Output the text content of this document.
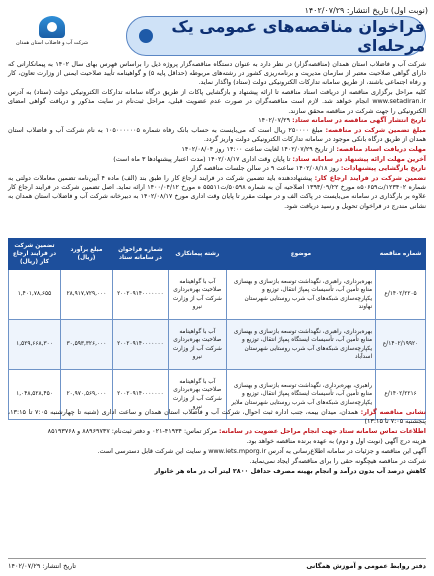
(نوبت اول) تاریخ انتشار: ۱۴۰۲/۰۷/۲۹
شرکت آب و فاضلاب استان همدان
فراخوان مناقصه‌های عمومی یک مرحله‌ای

شرکت آب و فاضلاب استان همدان (مناقصه‌گزار) در نظر دارد به عنوان دستگاه مناقصه‌گزار پروژه ذیل را براساس فهرس بهای سال ۱۴۰۲ به پیمانکارانی که دارای گواهی صلاحیت معتبر از سازمان مدیریت و برنامه‌ریزی کشور در رشته‌های مربوطه (حداقل پایه ۵) و گواهینامه تأیید صلاحیت ایمنی از وزارت تعاون، کار و رفاه اجتماعی باشند، از طریق سامانه تدارکات الکترونیکی دولت (ستاد) واگذار نماید.

کلیه مراحل برگزاری مناقصه از دریافت اسناد مناقصه تا ارائه پیشنهاد و بازگشایی پاکات از طریق درگاه سامانه تدارکات الکترونیکی دولت (ستاد) به آدرس www.setadiran.ir انجام خواهد شد. لازم است مناقصه‌گران در صورت عدم عضویت قبلی، مراحل ثبت‌نام در سایت مذکور و دریافت گواهی امضای الکترونیکی را جهت شرکت در مناقصه محقق سازند.

تاریخ انتشار آگهی مناقصه در سامانه ستاد: ۱۴۰۲/۰۷/۲۹

مبلغ تضمین شرکت در مناقصه: مبلغ ۲۵۰۰۰۰ ریال است که می‌بایست به حساب بانک رفاه شماره ۱۰۵۰۰۰۰۰۰۵ به نام شرکت آب و فاضلاب استان همدان از طریق درگاه بانکی موجود در سامانه تدارکات الکترونیکی دولت واریز گردد.

مهلت دریافت اسناد مناقصه: از تاریخ ۱۴۰۲/۰۷/۲۹ لغایت ساعت ۱۴:۰۰ روز ۱۴۰۲/۰۸/۰۴

آخرین مهلت ارائه پیشنهاد در سامانه ستاد: تا پایان وقت اداری ۱۴۰۲/۰۸/۱۷ (مدت اعتبار پیشنهادها ۳ ماه است)

تاریخ بازگشایی پیشنهادات: روز ۱۴۰۲/۰۸/۱۸ ساعت ۹ در سالن جلسات مناقصه گزار

تضمین شرکت در فرایند ارجاع کار: پیشنهاددهنده باید تضمین شرکت در فرایند ارجاع کار را طبق بند (الف) ماده ۴ آیین‌نامه تضمین معاملات دولتی به شماره ۱۲۳۴۰۲/ت۵۰۶۵۹ه مورخ ۱۳۹۴/۰۹/۲۲ اصلاحیه آن به شماره ۵۰۵۹۸/ت۵۵۵۱۱ ه مورخ ۱۴۰۰/۰۴/۱۲ ارائه نماید. اصل تضمین شرکت در فرایند ارجاع کار علاوه بر بارگذاری در سامانه می‌بایست در پاکت الف و در مهلت مقرر تا پایان وقت اداری مورخ ۱۴۰۲/۰۸/۱۷ به دبیرخانه شرکت آب و فاضلاب استان همدان به نشانی مندرج در فراخوان تحویل و رسید دریافت شود.

شماره مناقصه	موضوع	رشته پیمانکاری	شماره فراخوان در سامانه ستاد	مبلغ برآورد (ریال)	تضمین شرکت در فرایند ارجاع کار (ریال)
۱۴۰۲/۲۲۰۵/ع	بهره‌برداری، راهبری، نگهداشت توسعه بازسازی و بهسازی منابع تأمین آب، تأسیسات پمپاژ انتقال، توزیع و یکپارچه‌سازی شبکه‌های آب شرب روستایی شهرستان نهاوند	آب با گواهینامه صلاحیت بهره‌برداری شرکت آب از وزارت نیرو	۲۰۰۲۰۹۱۴۰۰۰۰۰۰۰	۲۸,۹۱۷,۷۲۹,۰۰۰	۱,۴۰۱,۷۸,۶۵۵
۱۴۰۲/۱۹۹۲۰/ع	بهره‌برداری، راهبری، نگهداشت توسعه بازسازی و بهسازی منابع تأمین آب، تأسیسات ایستگاه پمپاژ انتقال، توزیع و یکپارچه‌سازی شبکه‌های آب شرب روستایی شهرستان اسدآباد	آب با گواهینامه صلاحیت بهره‌برداری شرکت آب از وزارت نیرو	۲۰۰۲۰۹۱۴۰۰۰۰۰۰۰	۳۰,۵۹۳,۳۲۶,۰۰۰	۱,۵۲۹,۶۶۸,۳۰۰
۱۴۰۲/۲۲۱۶/ع	راهبری، بهره‌برداری، نگهداشت توسعه بازسازی و بهسازی منابع تأمین آب، تأسیسات ایستگاه پمپاژ انتقال، توزیع و یکپارچه‌سازی شبکه‌های آب شرب روستایی شهرستان ملایر	آب با گواهینامه صلاحیت بهره‌برداری شرکت آب از وزارت نیرو	۲۰۰۲۰۹۱۴۰۰۰۰۰۰۰	۲۰,۹۷۰,۵۶۹,۰۰۰	۱,۰۴۸,۵۲۸,۴۵۰

نشانی مناقصه گزار: همدان، میدان بیمه، جنب اداره ثبت احوال، شرکت آب و فاضلاب استان همدان و ساعت اداری (شنبه تا چهارشنبه ۷:۰۵ تا ۱۳:۱۵، پنجشنبه ۷:۰۵ تا ۱۳:۱۵)

اطلاعات تماس سامانه ستاد جهت انجام مراحل عضویت در سامانه: مرکز تماس: ۴۱۹۳۴-۰۲۱ و دفتر ثبت‌نام: ۸۸۹۶۹۷۳۷ و ۸۵۱۹۳۷۶۸

هزینه درج آگهی (نوبت اول و دوم) به عهده برنده مناقصه خواهد بود.

آگهی این مناقصه و جزئیات در سامانه اطلاع‌رسانی به آدرس www.iets.mporg.ir و سایت این شرکت قابل دسترسی است.

شرکت در مناقصه هیچگونه حقی را برای مناقصه‌گر ایجاد نمی‌نماید.

کاهش درصد آب بدون درآمد و انجام بهینه مصرف حداقل ۲۸۰۰ لیتر آب در ماه هر خانوار

دفتر روابط عمومی و آموزش همگانی
تاریخ انتشار: ۱۴۰۲/۰۷/۲۹
